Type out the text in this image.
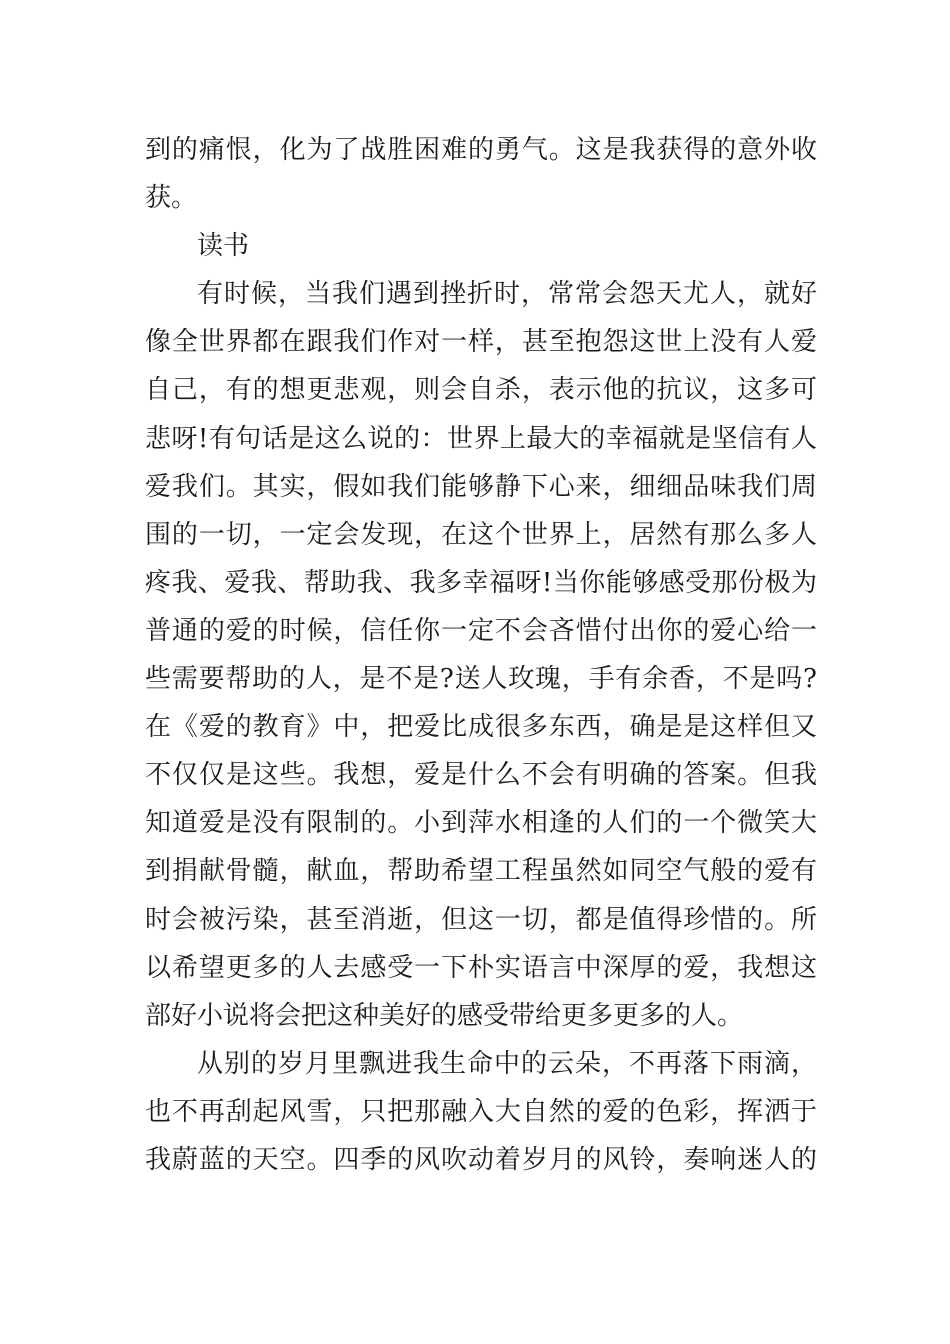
到的痛恨，化为了战胜困难的勇气。这是我获得的意外收
获。
读书
有时候，当我们遇到挫折时，常常会怨天尤人，就好
像全世界都在跟我们作对一样，甚至抱怨这世上没有人爱
自己，有的想更悲观，则会自杀，表示他的抗议，这多可
悲呀!有句话是这么说的：世界上最大的幸福就是坚信有人
爱我们。其实，假如我们能够静下心来，细细品味我们周
围的一切，一定会发现，在这个世界上，居然有那么多人
疼我、爱我、帮助我、我多幸福呀!当你能够感受那份极为
普通的爱的时候，信任你一定不会吝惜付出你的爱心给一
些需要帮助的人，是不是?送人玫瑰，手有余香，不是吗?
在《爱的教育》中，把爱比成很多东西，确是是这样但又
不仅仅是这些。我想，爱是什么不会有明确的答案。但我
知道爱是没有限制的。小到萍水相逢的人们的一个微笑大
到捐献骨髓，献血，帮助希望工程虽然如同空气般的爱有
时会被污染，甚至消逝，但这一切，都是值得珍惜的。所
以希望更多的人去感受一下朴实语言中深厚的爱，我想这
部好小说将会把这种美好的感受带给更多更多的人。
从别的岁月里飘进我生命中的云朵，不再落下雨滴，
也不再刮起风雪，只把那融入大自然的爱的色彩，挥洒于
我蔚蓝的天空。四季的风吹动着岁月的风铃，奏响迷人的
